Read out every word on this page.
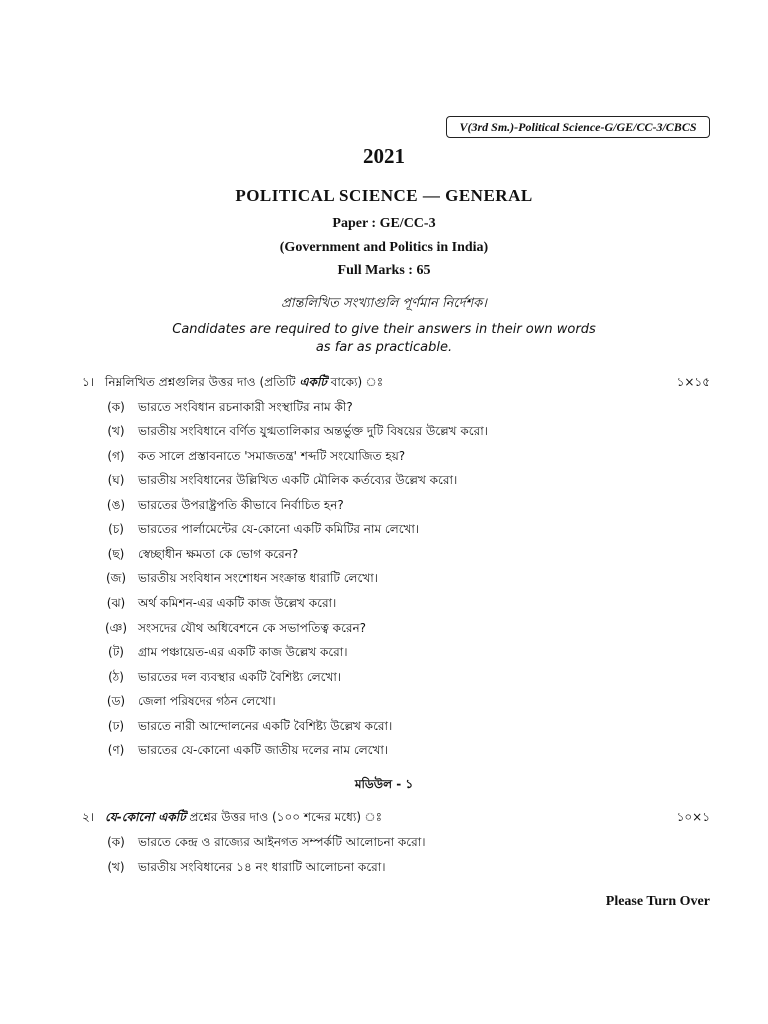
V(3rd Sm.)-Political Science-G/GE/CC-3/CBCS
2021
POLITICAL SCIENCE — GENERAL
Paper : GE/CC-3
(Government and Politics in India)
Full Marks : 65
প্রান্তলিখিত সংখ্যাগুলি পূর্ণমান নির্দেশক।
Candidates are required to give their answers in their own words
as far as practicable.
১। নিম্নলিখিত প্রশ্নগুলির উত্তর দাও (প্রতিটি একটি বাক্যে) ঃ	১×১৫
(ক)	ভারতে সংবিধান রচনাকারী সংস্থাটির নাম কী?
(খ)	ভারতীয় সংবিধানে বর্ণিত যুগ্মতালিকার অন্তর্ভুক্ত দুটি বিষয়ের উল্লেখ করো।
(গ)	কত সালে প্রস্তাবনাতে 'সমাজতন্ত্র' শব্দটি সংযোজিত হয়?
(ঘ)	ভারতীয় সংবিধানের উল্লিখিত একটি মৌলিক কর্তব্যের উল্লেখ করো।
(ঙ)	ভারতের উপরাষ্ট্রপতি কীভাবে নির্বাচিত হন?
(চ)	ভারতের পার্লামেন্টের যে-কোনো একটি কমিটির নাম লেখো।
(ছ)	স্বেচ্ছাধীন ক্ষমতা কে ভোগ করেন?
(জ) ভারতীয় সংবিধান সংশোধন সংক্রান্ত ধারাটি লেখো।
(ঝ)	অর্থ কমিশন-এর একটি কাজ উল্লেখ করো।
(ঞ) সংসদের যৌথ অধিবেশনে কে সভাপতিত্ব করেন?
(ট)	গ্রাম পঞ্চায়েত-এর একটি কাজ উল্লেখ করো।
(ঠ)	ভারতের দল ব্যবস্থার একটি বৈশিষ্ট্য লেখো।
(ড)	জেলা পরিষদের গঠন লেখো।
(ঢ)	ভারতে নারী আন্দোলনের একটি বৈশিষ্ট্য উল্লেখ করো।
(ণ)	ভারতের যে-কোনো একটি জাতীয় দলের নাম লেখো।
মডিউল - ১
২। যে-কোনো একটি প্রশ্নের উত্তর দাও (১০০ শব্দের মধ্যে) ঃ	১০×১
(ক)	ভারতে কেন্দ্র ও রাজ্যের আইনগত সম্পর্কটি আলোচনা করো।
(খ)	ভারতীয় সংবিধানের ১৪ নং ধারাটি আলোচনা করো।
Please Turn Over
